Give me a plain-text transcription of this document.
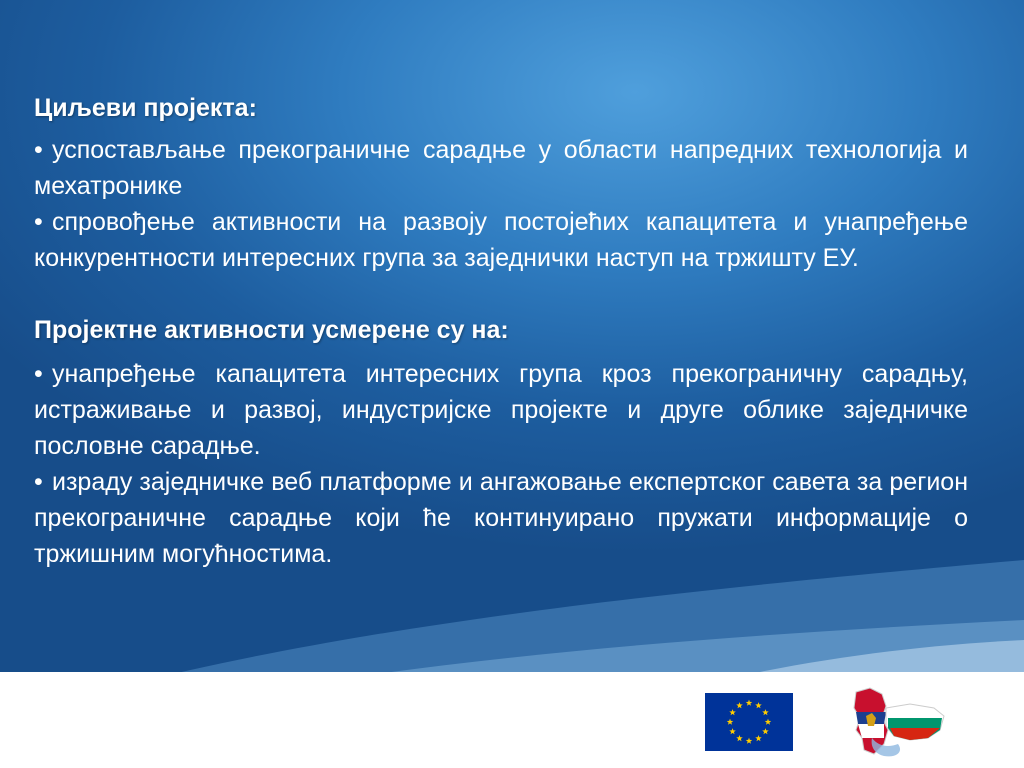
Циљеви пројекта:

• успостављање прекограничне сарадње у области напредних технологија и мехатронике

• спровођење активности на развоју постојећих капацитета и унапређење конкурентности интересних група за заједнички наступ на тржишту ЕУ.

Пројектне активности усмерене су на:

• унапређење капацитета интересних група кроз прекограничну сарадњу, истраживање и развој, индустријске пројекте и друге облике заједничке пословне сарадње.

• израду заједничке веб платформе и ангажовање експертског савета за регион прекограничне сарадње који ће континуирано пружати информације о тржишним могућностима.
